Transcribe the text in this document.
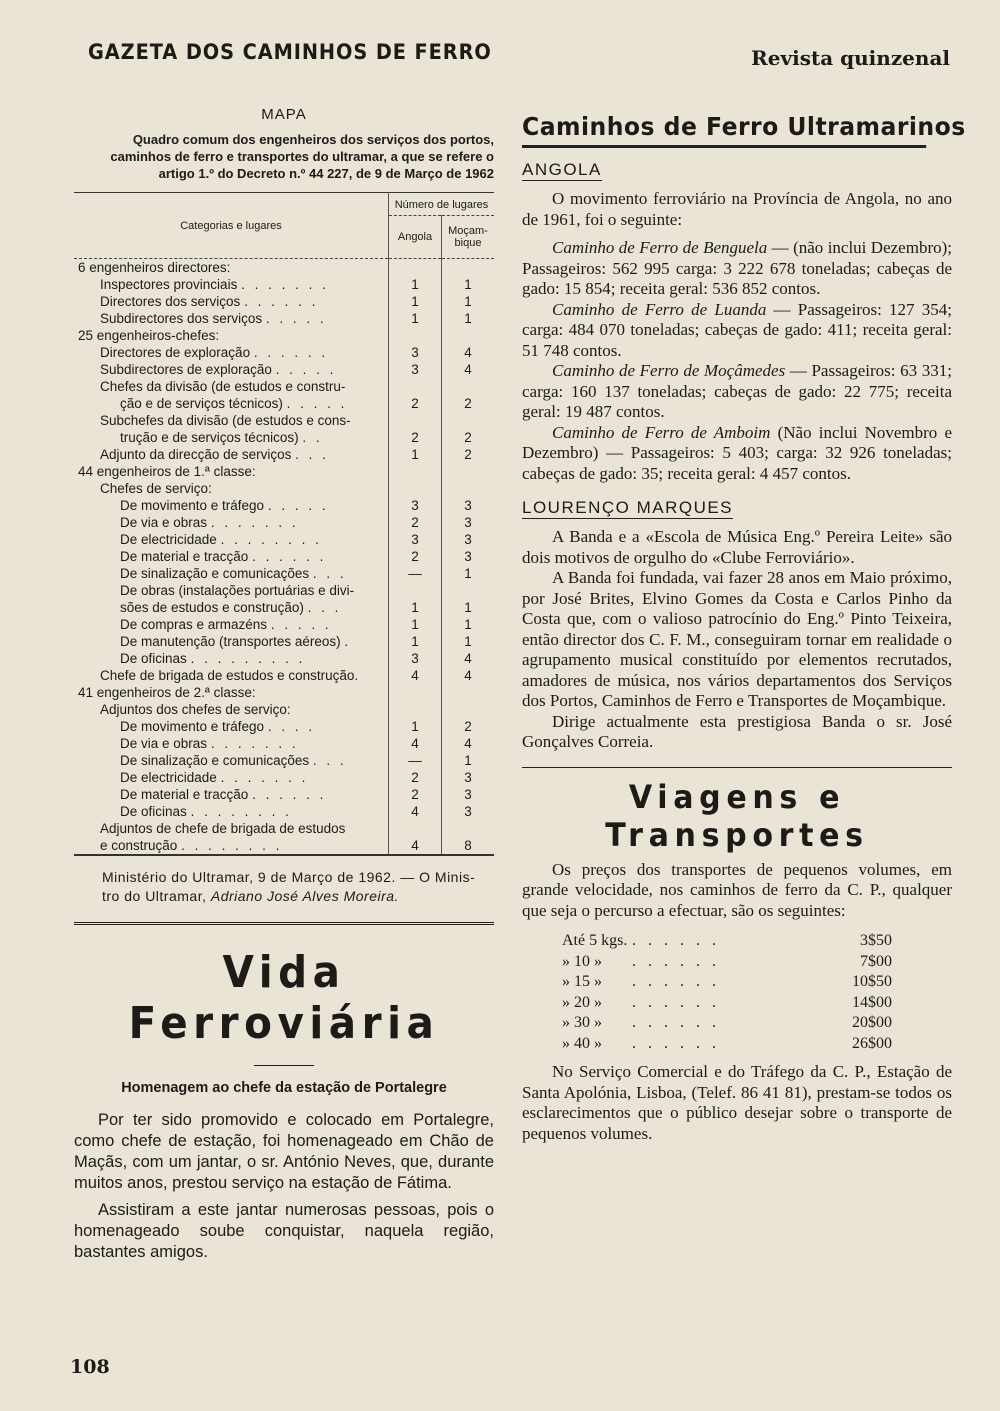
GAZETA DOS CAMINHOS DE FERRO	Revista quinzenal
MAPA
Quadro comum dos engenheiros dos serviços dos portos, caminhos de ferro e transportes do ultramar, a que se refere o artigo 1.º do Decreto n.º 44 227, de 9 de Março de 1962
Categorias e lugares	Número de lugares	
	Angola	Moçam-bique
6 engenheiros directores:		
Inspectores provinciais . . . . . . .	1	1
Directores dos serviços . . . . . .	1	1
Subdirectores dos serviços . . . . .	1	1
25 engenheiros-chefes:		
Directores de exploração . . . . . .	3	4
Subdirectores de exploração . . . . .	3	4
Chefes da divisão (de estudos e constru-		
ção e de serviços técnicos) . . . . .	2	2
Subchefes da divisão (de estudos e cons-		
trução e de serviços técnicos) . .	2	2
Adjunto da direcção de serviços . . .	1	2
44 engenheiros de 1.ª classe:		
Chefes de serviço:		
De movimento e tráfego . . . . .	3	3
De via e obras . . . . . . .	2	3
De electricidade . . . . . . . .	3	3
De material e tracção . . . . . .	2	3
De sinalização e comunicações . . .	—	1
De obras (instalações portuárias e divi-		
sões de estudos e construção) . . .	1	1
De compras e armazéns . . . . .	1	1
De manutenção (transportes aéreos) .	1	1
De oficinas . . . . . . . . .	3	4
Chefe de brigada de estudos e construção.	4	4
41 engenheiros de 2.ª classe:		
Adjuntos dos chefes de serviço:		
De movimento e tráfego . . . .	1	2
De via e obras . . . . . . .	4	4
De sinalização e comunicações . . .	—	1
De electricidade . . . . . . .	2	3
De material e tracção . . . . . .	2	3
De oficinas . . . . . . . .	4	3
Adjuntos de chefe de brigada de estudos		
e construção . . . . . . . .	4	8
Ministério do Ultramar, 9 de Março de 1962. — O Minis-
tro do Ultramar, Adriano José Alves Moreira.
Vida Ferroviária
Homenagem ao chefe da estação de Portalegre

Por ter sido promovido e colocado em Portalegre, como chefe de estação, foi homenageado em Chão de Maçãs, com um jantar, o sr. António Neves, que, durante muitos anos, prestou serviço na estação de Fátima.

Assistiram a este jantar numerosas pessoas, pois o homenageado soube conquistar, naquela região, bastantes amigos.

Caminhos de Ferro Ultramarinos
ANGOLA

O movimento ferroviário na Província de Angola, no ano de 1961, foi o seguinte:

Caminho de Ferro de Benguela — (não inclui Dezembro); Passageiros: 562 995 carga: 3 222 678 toneladas; cabeças de gado: 15 854; receita geral: 536 852 contos.

Caminho de Ferro de Luanda — Passageiros: 127 354; carga: 484 070 toneladas; cabeças de gado: 411; receita geral: 51 748 contos.

Caminho de Ferro de Moçâmedes — Passageiros: 63 331; carga: 160 137 toneladas; cabeças de gado: 22 775; receita geral: 19 487 contos.

Caminho de Ferro de Amboim (Não inclui Novembro e Dezembro) — Passageiros: 5 403; carga: 32 926 toneladas; cabeças de gado: 35; receita geral: 4 457 contos.

LOURENÇO MARQUES

A Banda e a «Escola de Música Eng.º Pereira Leite» são dois motivos de orgulho do «Clube Ferroviário».

A Banda foi fundada, vai fazer 28 anos em Maio próximo, por José Brites, Elvino Gomes da Costa e Carlos Pinho da Costa que, com o valioso patrocínio do Eng.º Pinto Teixeira, então director dos C. F. M., conseguiram tornar em realidade o agrupamento musical constituído por elementos recrutados, amadores de música, nos vários departamentos dos Serviços dos Portos, Caminhos de Ferro e Transportes de Moçambique.

Dirige actualmente esta prestigiosa Banda o sr. José Gonçalves Correia.

Viagens e Transportes

Os preços dos transportes de pequenos volumes, em grande velocidade, nos caminhos de ferro da C. P., qualquer que seja o percurso a efectuar, são os seguintes:

Até 5 kgs.	. . . . . .	3$50
» 10 »	. . . . . .	7$00
» 15 »	. . . . . .	10$50
» 20 »	. . . . . .	14$00
» 30 »	. . . . . .	20$00
» 40 »	. . . . . .	26$00

No Serviço Comercial e do Tráfego da C. P., Estação de Santa Apolónia, Lisboa, (Telef. 86 41 81), prestam-se todos os esclarecimentos que o público desejar sobre o transporte de pequenos volumes.

108
